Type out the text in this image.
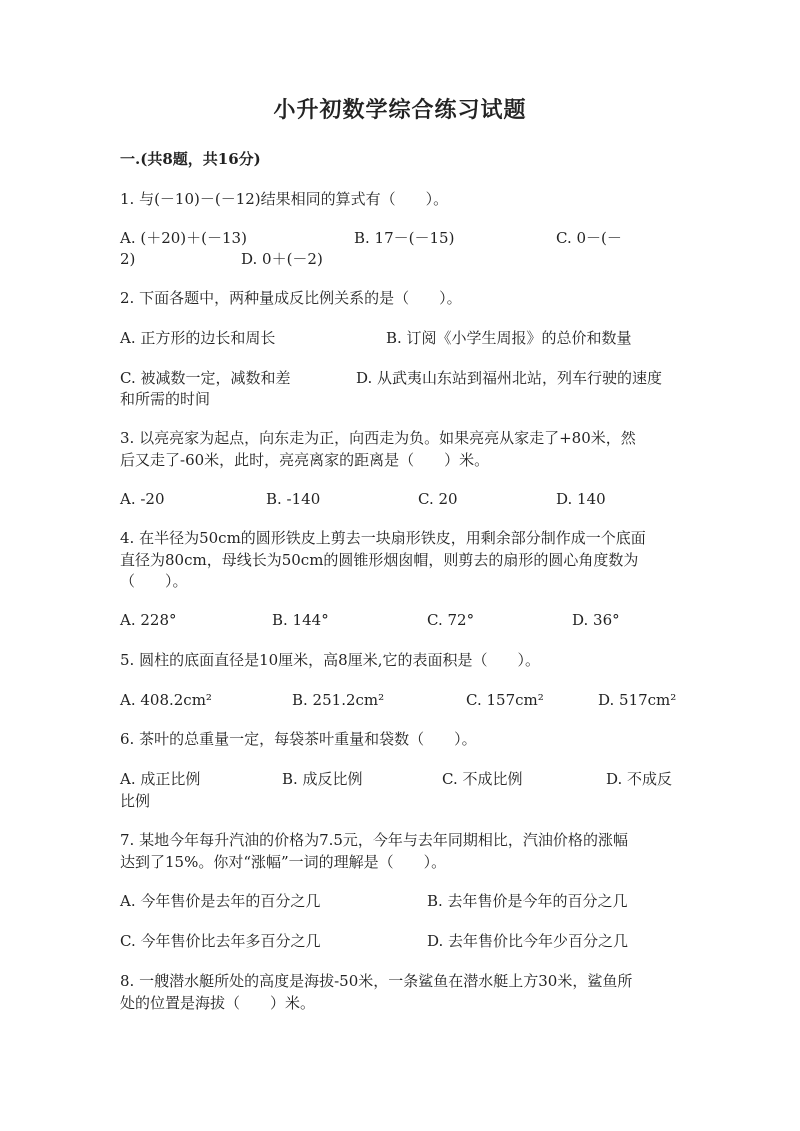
小升初数学综合练习试题
一.(共8题，共16分)
1. 与(－10)－(－12)结果相同的算式有（　　）。
A. (＋20)＋(－13)	B. 17－(－15)	C. 0－(－
2)	D. 0＋(－2)
2. 下面各题中，两种量成反比例关系的是（　　）。
A. 正方形的边长和周长	B. 订阅《小学生周报》的总价和数量
C. 被减数一定，减数和差	D. 从武夷山东站到福州北站，列车行驶的速度
和所需的时间
3. 以亮亮家为起点，向东走为正，向西走为负。如果亮亮从家走了+80米，然
后又走了-60米，此时，亮亮离家的距离是（　　）米。
A. -20	B. -140	C. 20	D. 140
4. 在半径为50cm的圆形铁皮上剪去一块扇形铁皮，用剩余部分制作成一个底面
直径为80cm，母线长为50cm的圆锥形烟囱帽，则剪去的扇形的圆心角度数为
（　　）。
A. 228°	B. 144°	C. 72°	D. 36°
5. 圆柱的底面直径是10厘米，高8厘米,它的表面积是（　　）。
A. 408.2cm²	B. 251.2cm²	C. 157cm²	D. 517cm²
6. 茶叶的总重量一定，每袋茶叶重量和袋数（　　）。
A. 成正比例	B. 成反比例	C. 不成比例	D. 不成反
比例
7. 某地今年每升汽油的价格为7.5元，今年与去年同期相比，汽油价格的涨幅
达到了15%。你对“涨幅”一词的理解是（　　）。
A. 今年售价是去年的百分之几	B. 去年售价是今年的百分之几
C. 今年售价比去年多百分之几	D. 去年售价比今年少百分之几
8. 一艘潜水艇所处的高度是海拔-50米，一条鲨鱼在潜水艇上方30米，鲨鱼所
处的位置是海拔（　　）米。
